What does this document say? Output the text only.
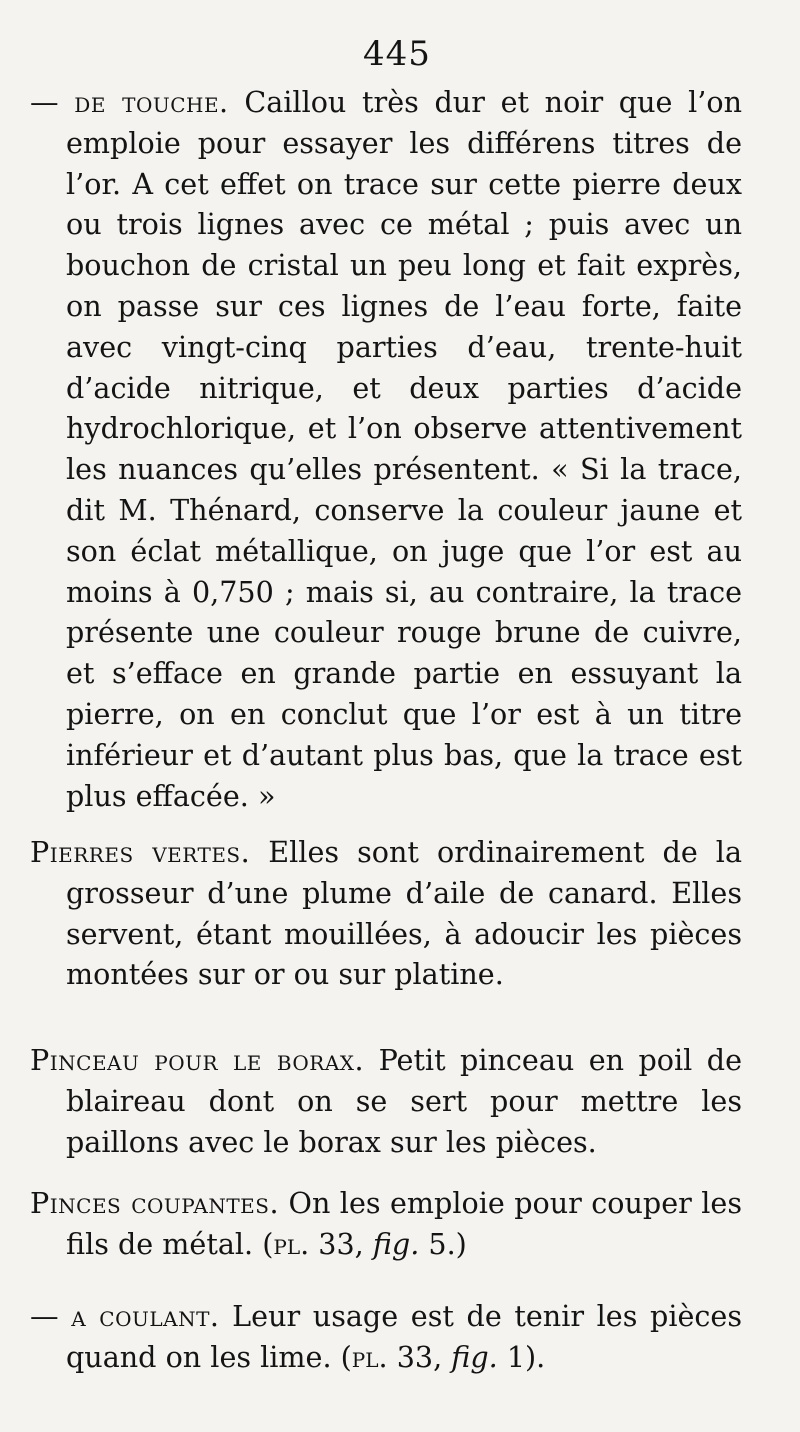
445

— de touche. Caillou très dur et noir que l’on emploie pour essayer les différens titres de l’or. A cet effet on trace sur cette pierre deux ou trois lignes avec ce métal ; puis avec un bouchon de cristal un peu long et fait exprès, on passe sur ces lignes de l’eau forte, faite avec vingt-cinq parties d’eau, trente-huit d’acide nitrique, et deux parties d’acide hydrochlorique, et l’on observe attentivement les nuances qu’elles présentent. « Si la trace, dit M. Thénard, conserve la couleur jaune et son éclat métallique, on juge que l’or est au moins à 0,750 ; mais si, au contraire, la trace présente une couleur rouge brune de cuivre, et s’efface en grande partie en essuyant la pierre, on en conclut que l’or est à un titre inférieur et d’autant plus bas, que la trace est plus effacée. »

Pierres vertes. Elles sont ordinairement de la grosseur d’une plume d’aile de canard. Elles servent, étant mouillées, à adoucir les pièces montées sur or ou sur platine.

Pinceau pour le borax. Petit pinceau en poil de blaireau dont on se sert pour mettre les paillons avec le borax sur les pièces.

Pinces coupantes. On les emploie pour couper les fils de métal. (pl. 33, fig. 5.)

— a coulant. Leur usage est de tenir les pièces quand on les lime. (pl. 33, fig. 1).
